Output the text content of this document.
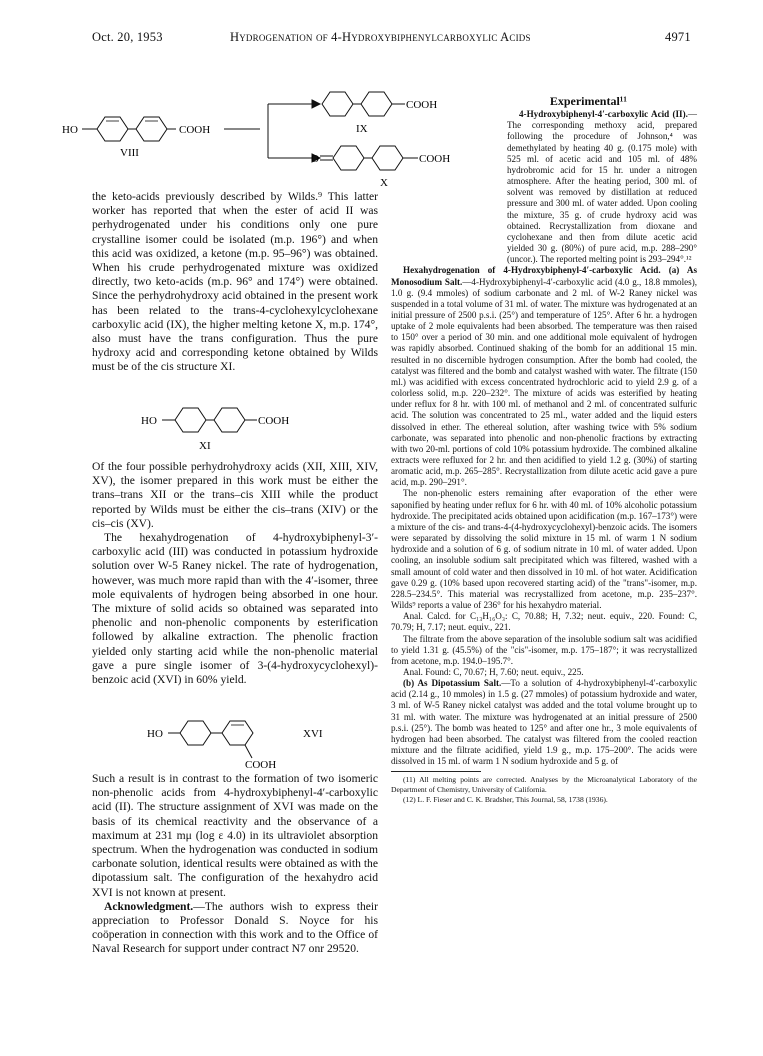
Oct. 20, 1953	Hydrogenation of 4-Hydroxybiphenylcarboxylic Acids	4971
HO	COOH
VIII
COOH
IX
O	COOH
X

the keto-acids previously described by Wilds.⁹ This latter worker has reported that when the ester of acid II was perhydrogenated under his conditions only one pure crystalline isomer could be isolated (m.p. 196°) and when this acid was oxidized, a ketone (m.p. 95–96°) was obtained. When his crude perhydrogenated mixture was oxidized directly, two keto-acids (m.p. 96° and 174°) were obtained. Since the perhydrohydroxy acid obtained in the present work has been related to the trans-4-cyclohexylcyclohexane carboxylic acid (IX), the higher melting ketone X, m.p. 174°, also must have the trans configuration. Thus the pure hydroxy acid and corresponding ketone obtained by Wilds must be of the cis structure XI.

HO	COOH
XI

Of the four possible perhydrohydroxy acids (XII, XIII, XIV, XV), the isomer prepared in this work must be either the trans–trans XII or the trans–cis XIII while the product reported by Wilds must be either the cis–trans (XIV) or the cis–cis (XV).

The hexahydrogenation of 4-hydroxybiphenyl-3′-carboxylic acid (III) was conducted in potassium hydroxide solution over W-5 Raney nickel. The rate of hydrogenation, however, was much more rapid than with the 4′-isomer, three mole equivalents of hydrogen being absorbed in one hour. The mixture of solid acids so obtained was separated into phenolic and non-phenolic components by esterification followed by alkaline extraction. The phenolic fraction yielded only starting acid while the non-phenolic material gave a pure single isomer of 3-(4-hydroxycyclohexyl)-benzoic acid (XVI) in 60% yield.

HO
COOH
XVI

Such a result is in contrast to the formation of two isomeric non-phenolic acids from 4-hydroxybiphenyl-4′-carboxylic acid (II). The structure assignment of XVI was made on the basis of its chemical reactivity and the observance of a maximum at 231 mμ (log ε 4.0) in its ultraviolet absorption spectrum. When the hydrogenation was conducted in sodium carbonate solution, identical results were obtained as with the dipotassium salt. The configuration of the hexahydro acid XVI is not known at present.

Acknowledgment.—The authors wish to express their appreciation to Professor Donald S. Noyce for his coöperation in connection with this work and to the Office of Naval Research for support under contract N7 onr 29520.

Experimental¹¹

4-Hydroxybiphenyl-4′-carboxylic Acid (II).—The corresponding methoxy acid, prepared following the procedure of Johnson,⁴ was demethylated by heating 40 g. (0.175 mole) with 525 ml. of acetic acid and 105 ml. of 48% hydrobromic acid for 15 hr. under a nitrogen atmosphere. After the heating period, 300 ml. of solvent was removed by distillation at reduced pressure and 300 ml. of water added. Upon cooling the mixture, 35 g. of crude hydroxy acid was obtained. Recrystallization from dioxane and cyclohexane and then from dilute acetic acid yielded 30 g. (80%) of pure acid, m.p. 288–290° (uncor.). The reported melting point is 293–294°.¹²

Hexahydrogenation of 4-Hydroxybiphenyl-4′-carboxylic Acid. (a) As Monosodium Salt.—4-Hydroxybiphenyl-4′-carboxylic acid (4.0 g., 18.8 mmoles), 1.0 g. (9.4 mmoles) of sodium carbonate and 2 ml. of W-2 Raney nickel was suspended in a total volume of 31 ml. of water. The mixture was hydrogenated at an initial pressure of 2500 p.s.i. (25°) and temperature of 125°. After 6 hr. a hydrogen uptake of 2 mole equivalents had been absorbed. The temperature was then raised to 150° over a period of 30 min. and one additional mole equivalent of hydrogen was rapidly absorbed. Continued shaking of the bomb for an additional 15 min. resulted in no discernible hydrogen consumption. After the bomb had cooled, the catalyst was filtered and the bomb and catalyst washed with water. The filtrate (150 ml.) was acidified with excess concentrated hydrochloric acid to yield 2.9 g. of a colorless solid, m.p. 220–232°. The mixture of acids was esterified by heating under reflux for 8 hr. with 100 ml. of methanol and 2 ml. of concentrated sulfuric acid. The solution was concentrated to 25 ml., water added and the liquid esters dissolved in ether. The ethereal solution, after washing twice with 5% sodium carbonate, was separated into phenolic and non-phenolic fractions by extracting with two 20-ml. portions of cold 10% potassium hydroxide. The combined alkaline extracts were refluxed for 2 hr. and then acidified to yield 1.2 g. (30%) of starting aromatic acid, m.p. 265–285°. Recrystallization from dilute acetic acid gave a pure acid, m.p. 290–291°.

The non-phenolic esters remaining after evaporation of the ether were saponified by heating under reflux for 6 hr. with 40 ml. of 10% alcoholic potassium hydroxide. The precipitated acids obtained upon acidification (m.p. 167–173°) were a mixture of the cis- and trans-4-(4-hydroxycyclohexyl)-benzoic acids. The isomers were separated by dissolving the solid mixture in 15 ml. of warm 1 N sodium hydroxide and a solution of 6 g. of sodium nitrate in 10 ml. of water added. Upon cooling, an insoluble sodium salt precipitated which was filtered, washed with a small amount of cold water and then dissolved in 10 ml. of hot water. Acidification gave 0.29 g. (10% based upon recovered starting acid) of the "trans"-isomer, m.p. 228.5–234.5°. This material was recrystallized from acetone, m.p. 235–237°. Wilds⁹ reports a value of 236° for his hexahydro material.

Anal. Calcd. for C₁₃H₁₆O₃: C, 70.88; H, 7.32; neut. equiv., 220. Found: C, 70.79; H, 7.17; neut. equiv., 221.

The filtrate from the above separation of the insoluble sodium salt was acidified to yield 1.31 g. (45.5%) of the "cis"-isomer, m.p. 175–187°; it was recrystallized from acetone, m.p. 194.0–195.7°.

Anal. Found: C, 70.67; H, 7.60; neut. equiv., 225.

(b) As Dipotassium Salt.—To a solution of 4-hydroxybiphenyl-4′-carboxylic acid (2.14 g., 10 mmoles) in 1.5 g. (27 mmoles) of potassium hydroxide and water, 3 ml. of W-5 Raney nickel catalyst was added and the total volume brought up to 31 ml. with water. The mixture was hydrogenated at an initial pressure of 2500 p.s.i. (25°). The bomb was heated to 125° and after one hr., 3 mole equivalents of hydrogen had been absorbed. The catalyst was filtered from the cooled reaction mixture and the filtrate acidified, yield 1.9 g., m.p. 175–200°. The acids were dissolved in 15 ml. of warm 1 N sodium hydroxide and 5 g. of

(11) All melting points are corrected. Analyses by the Microanalytical Laboratory of the Department of Chemistry, University of California.

(12) L. F. Fieser and C. K. Bradsher, This Journal, 58, 1738 (1936).
